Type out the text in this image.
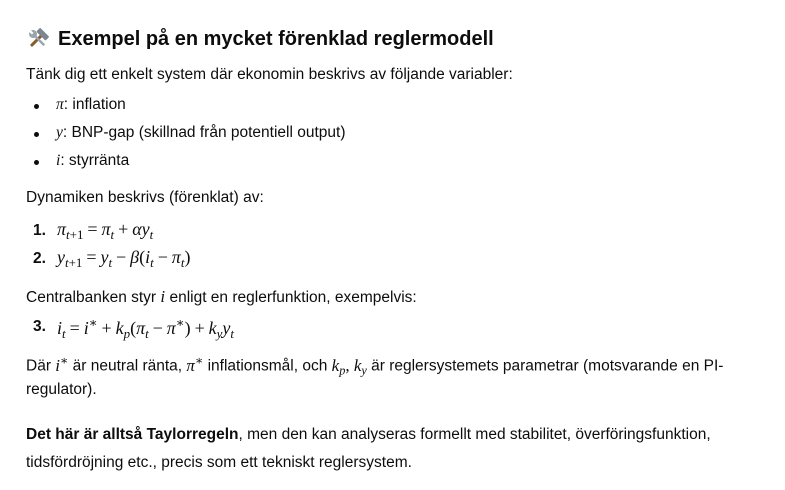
Exempel på en mycket förenklad reglermodell
Tänk dig ett enkelt system där ekonomin beskrivs av följande variabler:
π: inflation
y: BNP-gap (skillnad från potentiell output)
i: styrränta
Dynamiken beskrivs (förenklat) av:
1. $\pi_{t+1} = \pi_t + \alpha y_t$
2. $y_{t+1} = y_t - \beta(i_t - \pi_t)$
Centralbanken styr i enligt en reglerfunktion, exempelvis:
3. $i_t = i^∗ + k_p(\pi_t - \pi^∗) + k_yy_t$
Där i∗ är neutral ränta, π∗ inflationsmål, och $k_p$, $k_y$ är reglersystemets parametrar (motsvarande en PI-
regulator).
Det här är alltså Taylorregeln, men den kan analyseras formellt med stabilitet, överföringsfunktion,
tidsfördröjning etc., precis som ett tekniskt reglersystem.
